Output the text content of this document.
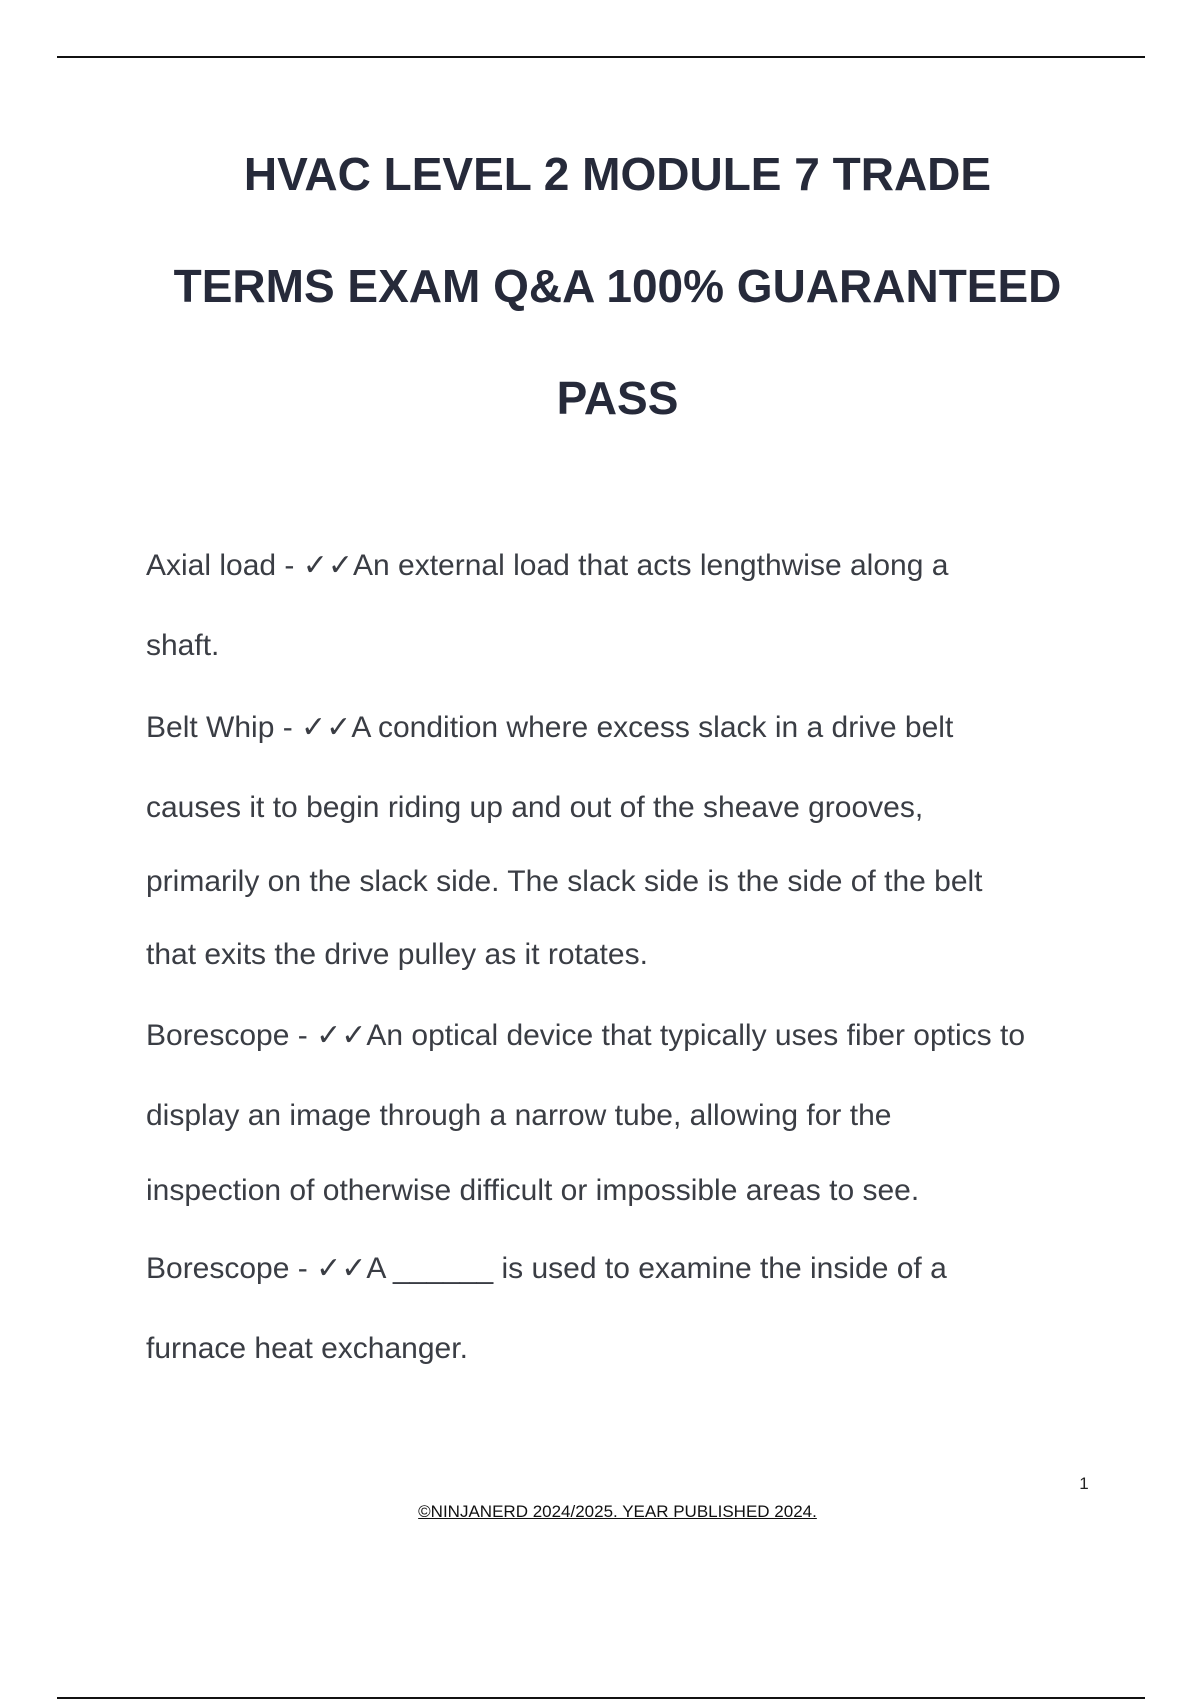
HVAC LEVEL 2 MODULE 7 TRADE
TERMS EXAM Q&A 100% GUARANTEED
PASS
Axial load - ✓✓An external load that acts lengthwise along a
shaft.
Belt Whip - ✓✓A condition where excess slack in a drive belt
causes it to begin riding up and out of the sheave grooves,
primarily on the slack side. The slack side is the side of the belt
that exits the drive pulley as it rotates.
Borescope - ✓✓An optical device that typically uses fiber optics to
display an image through a narrow tube, allowing for the
inspection of otherwise difficult or impossible areas to see.
Borescope - ✓✓A ______ is used to examine the inside of a
furnace heat exchanger.
1
©NINJANERD 2024/2025. YEAR PUBLISHED 2024.
